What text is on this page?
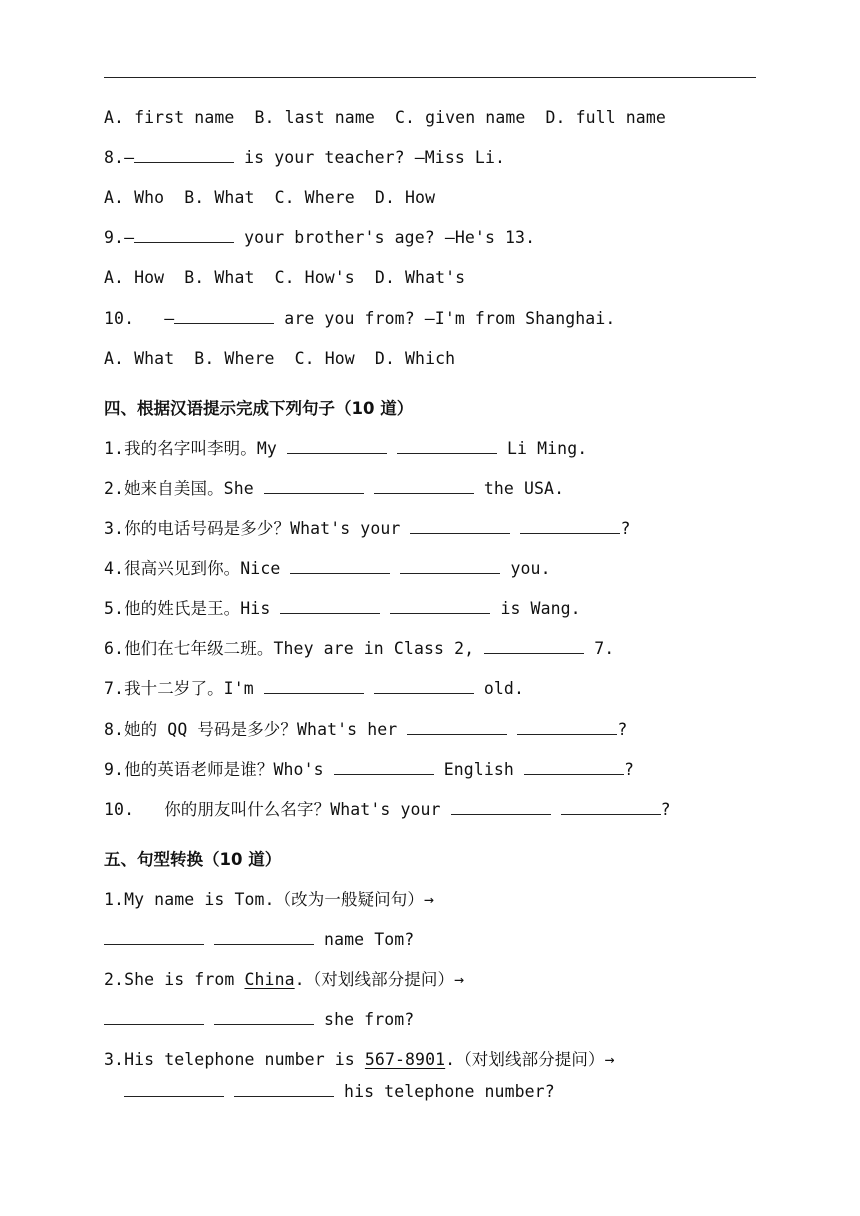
A. first name  B. last name  C. given name  D. full name
8.—	is your teacher? —Miss Li.
A. Who  B. What  C. Where  D. How
9.—	your brother's age? —He's 13.
A. How  B. What  C. How's  D. What's
10.   —	are you from? —I'm from Shanghai.
A. What  B. Where  C. How  D. Which
四、根据汉语提示完成下列句子（10 道）
1.我的名字叫李明。My	Li Ming.
2.她来自美国。She	the USA.
3.你的电话号码是多少？What's your	?
4.很高兴见到你。Nice	you.
5.他的姓氏是王。His	is Wang.
6.他们在七年级二班。They are in Class 2,	7.
7.我十二岁了。I'm	old.
8.她的 QQ 号码是多少？What's her	?
9.他的英语老师是谁？Who's	English	?
10.   你的朋友叫什么名字？What's your	?
五、句型转换（10 道）
1.My name is Tom.（改为一般疑问句）→
name Tom?
2.She is from China.（对划线部分提问）→
she from?
3.His telephone number is 567-8901.（对划线部分提问）→
his telephone number?
